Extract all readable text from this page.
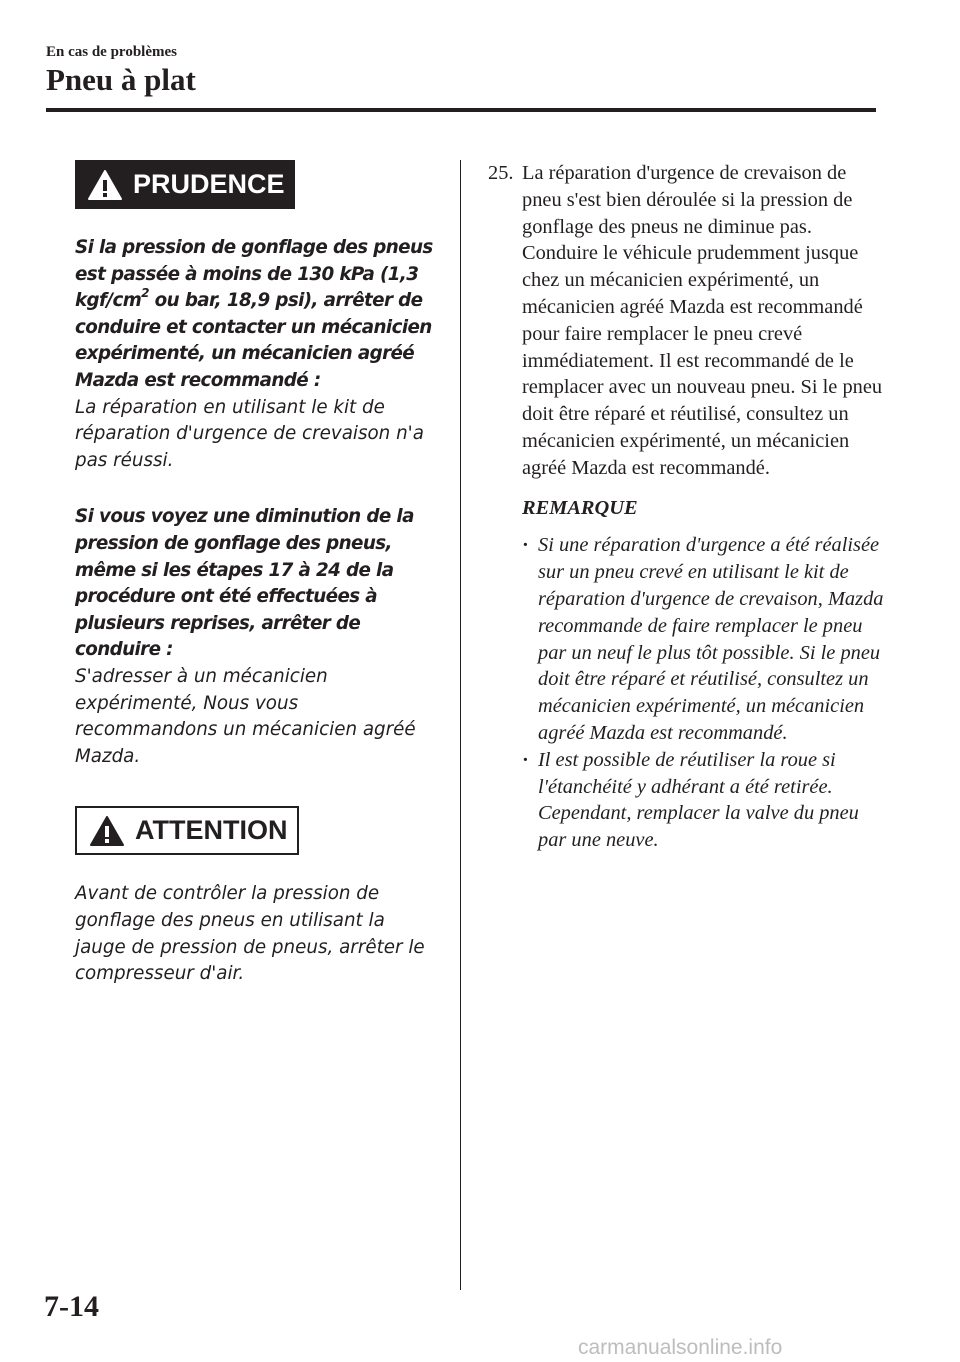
En cas de problèmes
Pneu à plat
PRUDENCE

Si la pression de gonflage des pneus est passée à moins de 130 kPa (1,3 kgf/$cm^2$ ou bar, 18,9 psi), arrêter de conduire et contacter un mécanicien expérimenté, un mécanicien agréé Mazda est recommandé :

La réparation en utilisant le kit de réparation d'urgence de crevaison n'a pas réussi.

Si vous voyez une diminution de la pression de gonflage des pneus, même si les étapes 17 à 24 de la procédure ont été effectuées à plusieurs reprises, arrêter de conduire :

S'adresser à un mécanicien expérimenté, Nous vous recommandons un mécanicien agréé Mazda.

ATTENTION

Avant de contrôler la pression de gonflage des pneus en utilisant la jauge de pression de pneus, arrêter le compresseur d'air.

25. La réparation d'urgence de crevaison de pneu s'est bien déroulée si la pression de gonflage des pneus ne diminue pas. Conduire le véhicule prudemment jusque chez un mécanicien expérimenté, un mécanicien agréé Mazda est recommandé pour faire remplacer le pneu crevé immédiatement. Il est recommandé de le remplacer avec un nouveau pneu. Si le pneu doit être réparé et réutilisé, consultez un mécanicien expérimenté, un mécanicien agréé Mazda est recommandé.
REMARQUE
· Si une réparation d'urgence a été réalisée sur un pneu crevé en utilisant le kit de réparation d'urgence de crevaison, Mazda recommande de faire remplacer le pneu par un neuf le plus tôt possible. Si le pneu doit être réparé et réutilisé, consultez un mécanicien expérimenté, un mécanicien agréé Mazda est recommandé.
· Il est possible de réutiliser la roue si l'étanchéité y adhérant a été retirée. Cependant, remplacer la valve du pneu par une neuve.
7-14
carmanualsonline.info
